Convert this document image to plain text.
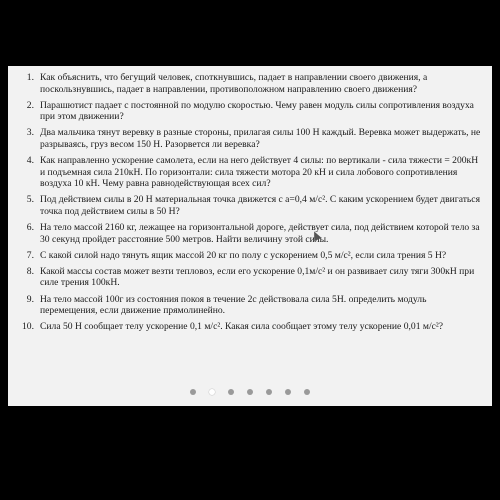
1. Как объяснить, что бегущий человек, споткнувшись, падает в направлении своего движения, а поскользнувшись, падает в направлении, противоположном направлению своего движения?
2. Парашютист падает с постоянной по модулю скоростью. Чему равен модуль силы сопротивления воздуха при этом движении?
3. Два мальчика тянут веревку в разные стороны, прилагая силы 100 Н каждый. Веревка может выдержать, не разрываясь, груз весом 150 Н. Разорвется ли веревка?
4. Как направленно ускорение самолета, если на него действует 4 силы: по вертикали - сила тяжести = 200кН и подъемная сила 210кН. По горизонтали: сила тяжести мотора 20 кН и сила лобового сопротивления воздуха 10 кН. Чему равна равнодействующая всех сил?
5. Под действием силы в 20 Н материальная точка движется с а=0,4 м/с². С каким ускорением будет двигаться точка под действием силы в 50 Н?
6. На тело массой 2160 кг, лежащее на горизонтальной дороге, действует сила, под действием которой тело за 30 секунд пройдет расстояние 500 метров. Найти величину этой силы.
7. С какой силой надо тянуть ящик массой 20 кг по полу с ускорением 0,5 м/с², если сила трения 5 Н?
8. Какой массы состав может везти тепловоз, если его ускорение 0,1м/с² и он развивает силу тяги 300кН при силе трения 100кН.
9. На тело массой 100г из состояния покоя в течение 2с действовала сила 5Н. определить модуль перемещения, если движение прямолинейно.
10. Сила 50 Н сообщает телу ускорение 0,1 м/с². Какая сила сообщает этому телу ускорение 0,01 м/с²?
